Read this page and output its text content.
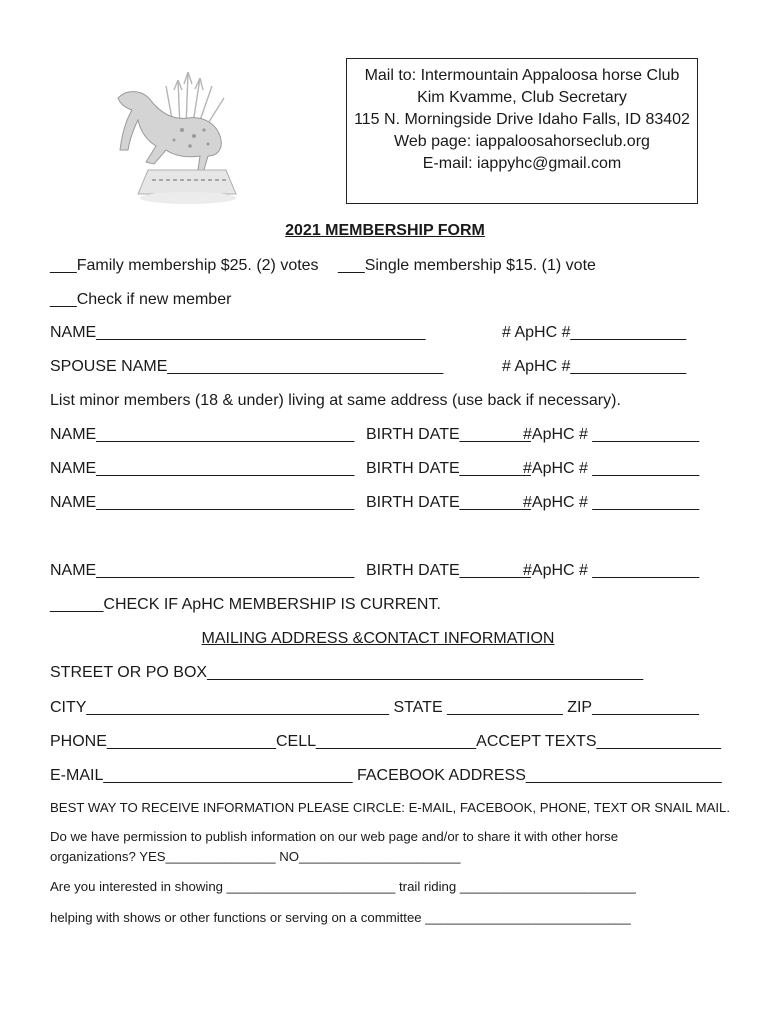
Mail to: Intermountain Appaloosa horse Club
Kim Kvamme, Club Secretary
115 N. Morningside Drive Idaho Falls, ID 83402
Web page: iappaloosahorseclub.org
E-mail: iappyhc@gmail.com
2021 MEMBERSHIP FORM
___Family membership $25. (2) votes ___Single membership $15. (1) vote
___Check if new member
NAME_____________________________________	# ApHC #_____________
SPOUSE NAME_______________________________	# ApHC #_____________
List minor members (18 & under) living at same address (use back if necessary).
NAME_____________________________ BIRTH DATE________
#ApHC # ____________
NAME_____________________________ BIRTH DATE________
#ApHC # ____________
NAME_____________________________ BIRTH DATE________
#ApHC # ____________
NAME_____________________________ BIRTH DATE________
#ApHC # ____________
______CHECK IF ApHC MEMBERSHIP IS CURRENT.
MAILING ADDRESS &CONTACT INFORMATION
STREET OR PO BOX_________________________________________________
CITY__________________________________ STATE _____________ ZIP____________
PHONE___________________CELL__________________ACCEPT TEXTS______________
E-MAIL____________________________ FACEBOOK ADDRESS______________________
BEST WAY TO RECEIVE INFORMATION PLEASE CIRCLE: E-MAIL, FACEBOOK, PHONE, TEXT OR SNAIL MAIL.
Do we have permission to publish information on our web page and/or to share it with other horse
organizations? YES_______________ NO______________________
Are you interested in showing _______________________ trail riding ________________________
helping with shows or other functions or serving on a committee ____________________________
